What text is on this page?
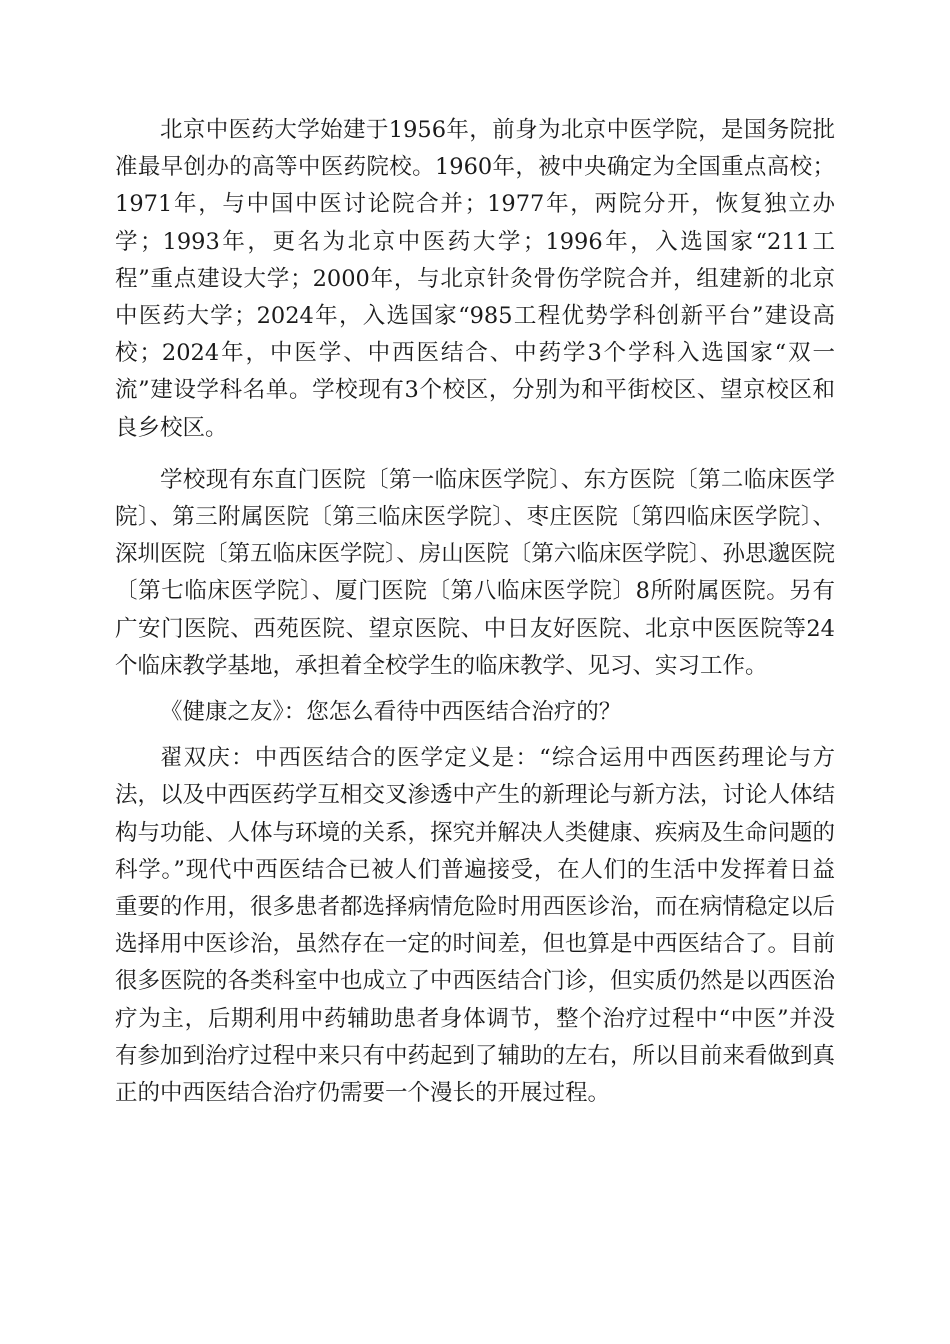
北京中医药大学始建于1956年，前身为北京中医学院，是国务院批准最早创办的高等中医药院校。1960年，被中央确定为全国重点高校；1971年，与中国中医讨论院合并；1977年，两院分开，恢复独立办学；1993年，更名为北京中医药大学；1996年，入选国家“211工程”重点建设大学；2000年，与北京针灸骨伤学院合并，组建新的北京中医药大学；2024年，入选国家“985工程优势学科创新平台”建设高校；2024年，中医学、中西医结合、中药学3个学科入选国家“双一流”建设学科名单。学校现有3个校区，分别为和平街校区、望京校区和良乡校区。

学校现有东直门医院〔第一临床医学院〕、东方医院〔第二临床医学院〕、第三附属医院〔第三临床医学院〕、枣庄医院〔第四临床医学院〕、深圳医院〔第五临床医学院〕、房山医院〔第六临床医学院〕、孙思邈医院〔第七临床医学院〕、厦门医院〔第八临床医学院〕8所附属医院。另有广安门医院、西苑医院、望京医院、中日友好医院、北京中医医院等24个临床教学基地，承担着全校学生的临床教学、见习、实习工作。

《健康之友》：您怎么看待中西医结合治疗的？

翟双庆：中西医结合的医学定义是：“综合运用中西医药理论与方法，以及中西医药学互相交叉渗透中产生的新理论与新方法，讨论人体结构与功能、人体与环境的关系，探究并解决人类健康、疾病及生命问题的科学。”现代中西医结合已被人们普遍接受，在人们的生活中发挥着日益重要的作用，很多患者都选择病情危险时用西医诊治，而在病情稳定以后选择用中医诊治，虽然存在一定的时间差，但也算是中西医结合了。目前很多医院的各类科室中也成立了中西医结合门诊，但实质仍然是以西医治疗为主，后期利用中药辅助患者身体调节，整个治疗过程中“中医”并没有参加到治疗过程中来只有中药起到了辅助的左右，所以目前来看做到真正的中西医结合治疗仍需要一个漫长的开展过程。
